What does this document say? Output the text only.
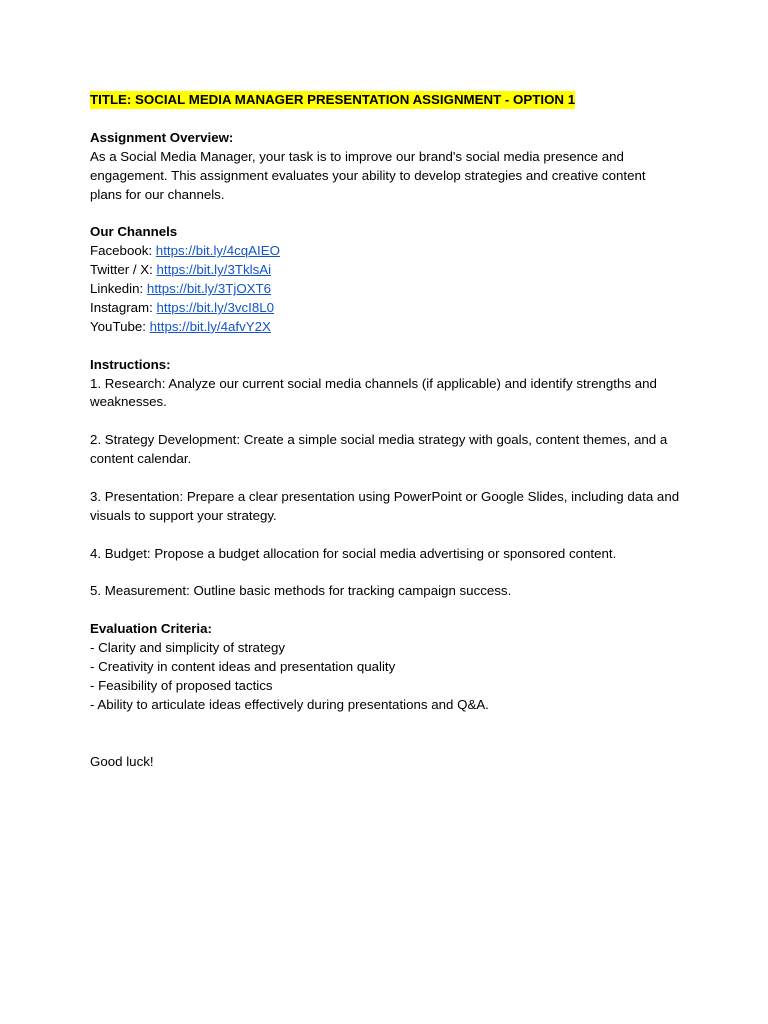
TITLE: SOCIAL MEDIA MANAGER PRESENTATION ASSIGNMENT - OPTION 1

Assignment Overview:

As a Social Media Manager, your task is to improve our brand's social media presence and engagement. This assignment evaluates your ability to develop strategies and creative content plans for our channels.

Our Channels

Facebook: https://bit.ly/4cqAIEO

Twitter / X: https://bit.ly/3TklsAi

Linkedin: https://bit.ly/3TjOXT6

Instagram: https://bit.ly/3vcI8L0

YouTube: https://bit.ly/4afvY2X

Instructions:

1. Research: Analyze our current social media channels (if applicable) and identify strengths and weaknesses.

2. Strategy Development: Create a simple social media strategy with goals, content themes, and a content calendar.

3. Presentation: Prepare a clear presentation using PowerPoint or Google Slides, including data and visuals to support your strategy.

4. Budget: Propose a budget allocation for social media advertising or sponsored content.

5. Measurement: Outline basic methods for tracking campaign success.

Evaluation Criteria:

- Clarity and simplicity of strategy

- Creativity in content ideas and presentation quality

- Feasibility of proposed tactics

- Ability to articulate ideas effectively during presentations and Q&A.

Good luck!
